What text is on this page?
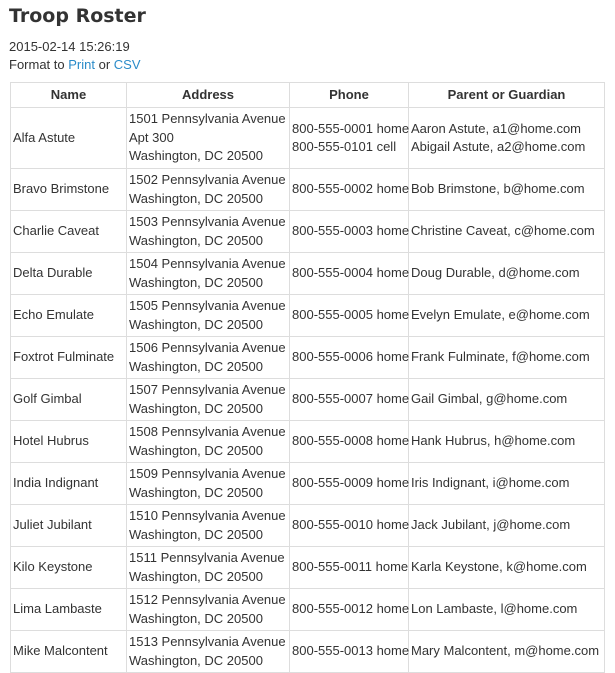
Troop Roster
2015-02-14 15:26:19
Format to Print or CSV
Name	Address	Phone	Parent or Guardian
Alfa Astute	1501 Pennsylvania Avenue
Apt 300
Washington, DC 20500	800-555-0001 home
800-555-0101 cell	Aaron Astute, a1@home.com
Abigail Astute, a2@home.com

Bravo Brimstone	1502 Pennsylvania Avenue
Washington, DC 20500	800-555-0002 home	Bob Brimstone, b@home.com

Charlie Caveat	1503 Pennsylvania Avenue
Washington, DC 20500	800-555-0003 home	Christine Caveat, c@home.com

Delta Durable	1504 Pennsylvania Avenue
Washington, DC 20500	800-555-0004 home	Doug Durable, d@home.com

Echo Emulate	1505 Pennsylvania Avenue
Washington, DC 20500	800-555-0005 home	Evelyn Emulate, e@home.com

Foxtrot Fulminate	1506 Pennsylvania Avenue
Washington, DC 20500	800-555-0006 home	Frank Fulminate, f@home.com

Golf Gimbal	1507 Pennsylvania Avenue
Washington, DC 20500	800-555-0007 home	Gail Gimbal, g@home.com

Hotel Hubrus	1508 Pennsylvania Avenue
Washington, DC 20500	800-555-0008 home	Hank Hubrus, h@home.com

India Indignant	1509 Pennsylvania Avenue
Washington, DC 20500	800-555-0009 home	Iris Indignant, i@home.com

Juliet Jubilant	1510 Pennsylvania Avenue
Washington, DC 20500	800-555-0010 home	Jack Jubilant, j@home.com

Kilo Keystone	1511 Pennsylvania Avenue
Washington, DC 20500	800-555-0011 home	Karla Keystone, k@home.com

Lima Lambaste	1512 Pennsylvania Avenue
Washington, DC 20500	800-555-0012 home	Lon Lambaste, l@home.com

Mike Malcontent	1513 Pennsylvania Avenue
Washington, DC 20500	800-555-0013 home	Mary Malcontent, m@home.com
